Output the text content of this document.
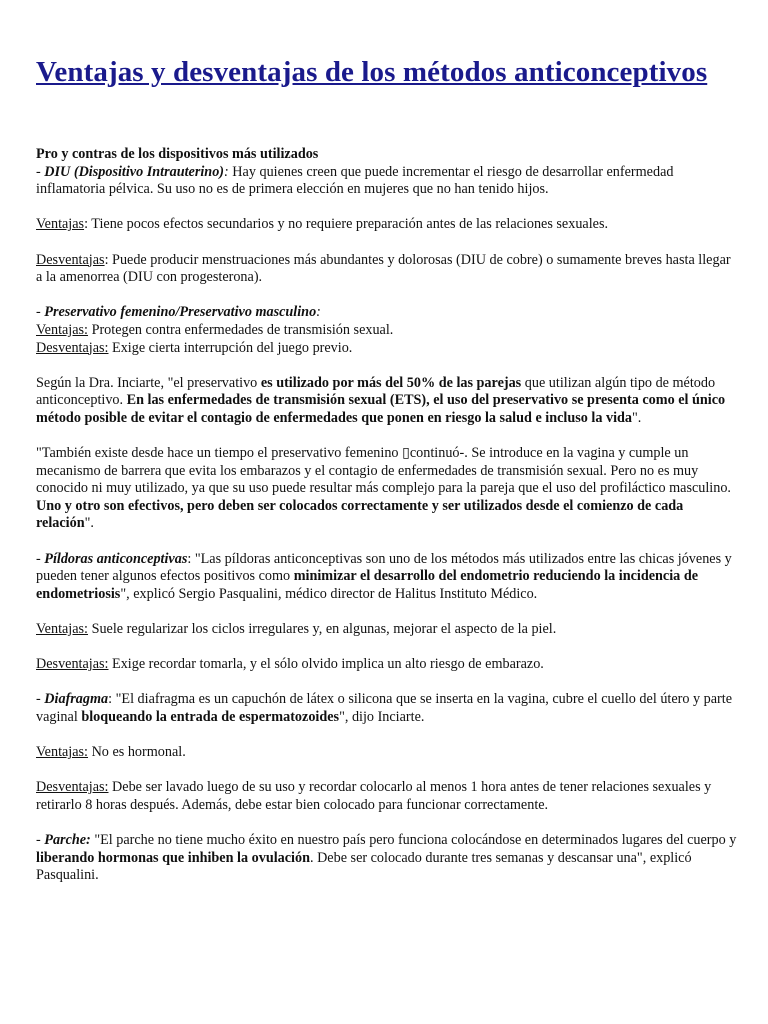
Ventajas y desventajas de los métodos anticonceptivos

Pro y contras de los dispositivos más utilizados
- DIU (Dispositivo Intrauterino): Hay quienes creen que puede incrementar el riesgo de desarrollar enfermedad inflamatoria pélvica. Su uso no es de primera elección en mujeres que no han tenido hijos.

Ventajas: Tiene pocos efectos secundarios y no requiere preparación antes de las relaciones sexuales.

Desventajas: Puede producir menstruaciones más abundantes y dolorosas (DIU de cobre) o sumamente breves hasta llegar a la amenorrea (DIU con progesterona).

- Preservativo femenino/Preservativo masculino:
Ventajas: Protegen contra enfermedades de transmisión sexual.
Desventajas: Exige cierta interrupción del juego previo.

Según la Dra. Inciarte, "el preservativo es utilizado por más del 50% de las parejas que utilizan algún tipo de método anticonceptivo. En las enfermedades de transmisión sexual (ETS), el uso del preservativo se presenta como el único método posible de evitar el contagio de enfermedades que ponen en riesgo la salud e incluso la vida".

"También existe desde hace un tiempo el preservativo femenino ▯continuó-. Se introduce en la vagina y cumple un mecanismo de barrera que evita los embarazos y el contagio de enfermedades de transmisión sexual. Pero no es muy conocido ni muy utilizado, ya que su uso puede resultar más complejo para la pareja que el uso del profiláctico masculino. Uno y otro son efectivos, pero deben ser colocados correctamente y ser utilizados desde el comienzo de cada relación".

- Píldoras anticonceptivas: "Las píldoras anticonceptivas son uno de los métodos más utilizados entre las chicas jóvenes y pueden tener algunos efectos positivos como minimizar el desarrollo del endometrio reduciendo la incidencia de endometriosis", explicó Sergio Pasqualini, médico director de Halitus Instituto Médico.

Ventajas: Suele regularizar los ciclos irregulares y, en algunas, mejorar el aspecto de la piel.

Desventajas: Exige recordar tomarla, y el sólo olvido implica un alto riesgo de embarazo.

- Diafragma: "El diafragma es un capuchón de látex o silicona que se inserta en la vagina, cubre el cuello del útero y parte vaginal bloqueando la entrada de espermatozoides", dijo Inciarte.

Ventajas: No es hormonal.

Desventajas: Debe ser lavado luego de su uso y recordar colocarlo al menos 1 hora antes de tener relaciones sexuales y retirarlo 8 horas después. Además, debe estar bien colocado para funcionar correctamente.

- Parche: "El parche no tiene mucho éxito en nuestro país pero funciona colocándose en determinados lugares del cuerpo y liberando hormonas que inhiben la ovulación. Debe ser colocado durante tres semanas y descansar una", explicó Pasqualini.
